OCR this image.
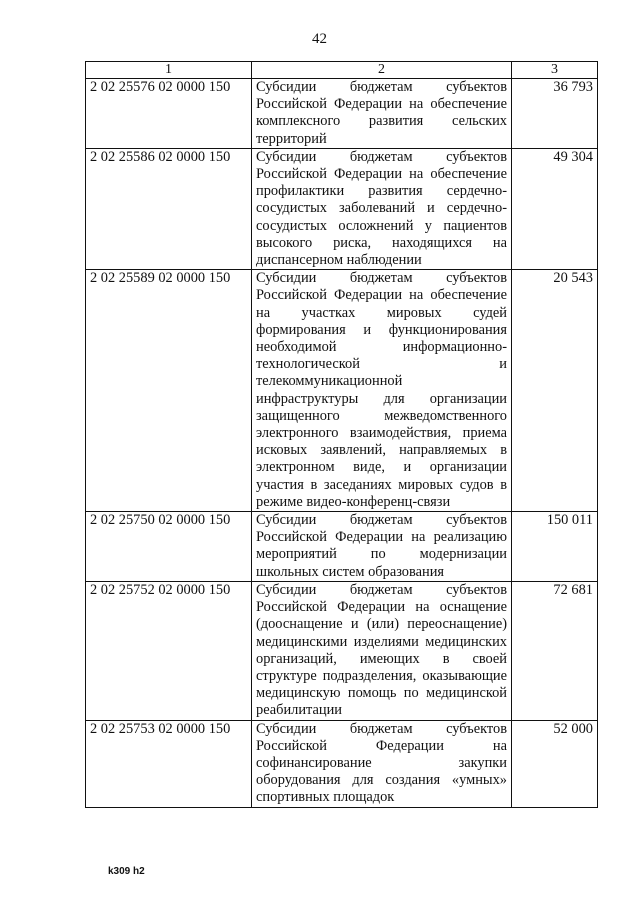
42
1	2	3
2 02 25576 02 0000 150	Субсидии бюджетам субъектов Российской Федерации на обеспечение комплексного развития сельских территорий	36 793
2 02 25586 02 0000 150	Субсидии бюджетам субъектов Российской Федерации на обеспечение профилактики развития сердечно-сосудистых заболеваний и сердечно-сосудистых осложнений у пациентов высокого риска, находящихся на диспансерном наблюдении	49 304
2 02 25589 02 0000 150	Субсидии бюджетам субъектов Российской Федерации на обеспечение на участках мировых судей формирования и функционирования необходимой информационно-технологической и телекоммуникационной инфраструктуры для организации защищенного межведомственного электронного взаимодействия, приема исковых заявлений, направляемых в электронном виде, и организации участия в заседаниях мировых судов в режиме видео-конференц-связи	20 543
2 02 25750 02 0000 150	Субсидии бюджетам субъектов Российской Федерации на реализацию мероприятий по модернизации школьных систем образования	150 011
2 02 25752 02 0000 150	Субсидии бюджетам субъектов Российской Федерации на оснащение (дооснащение и (или) переоснащение) медицинскими изделиями медицинских организаций, имеющих в своей структуре подразделения, оказывающие медицинскую помощь по медицинской реабилитации	72 681
2 02 25753 02 0000 150	Субсидии бюджетам субъектов Российской Федерации на софинансирование закупки оборудования для создания «умных» спортивных площадок	52 000
k309 h2
